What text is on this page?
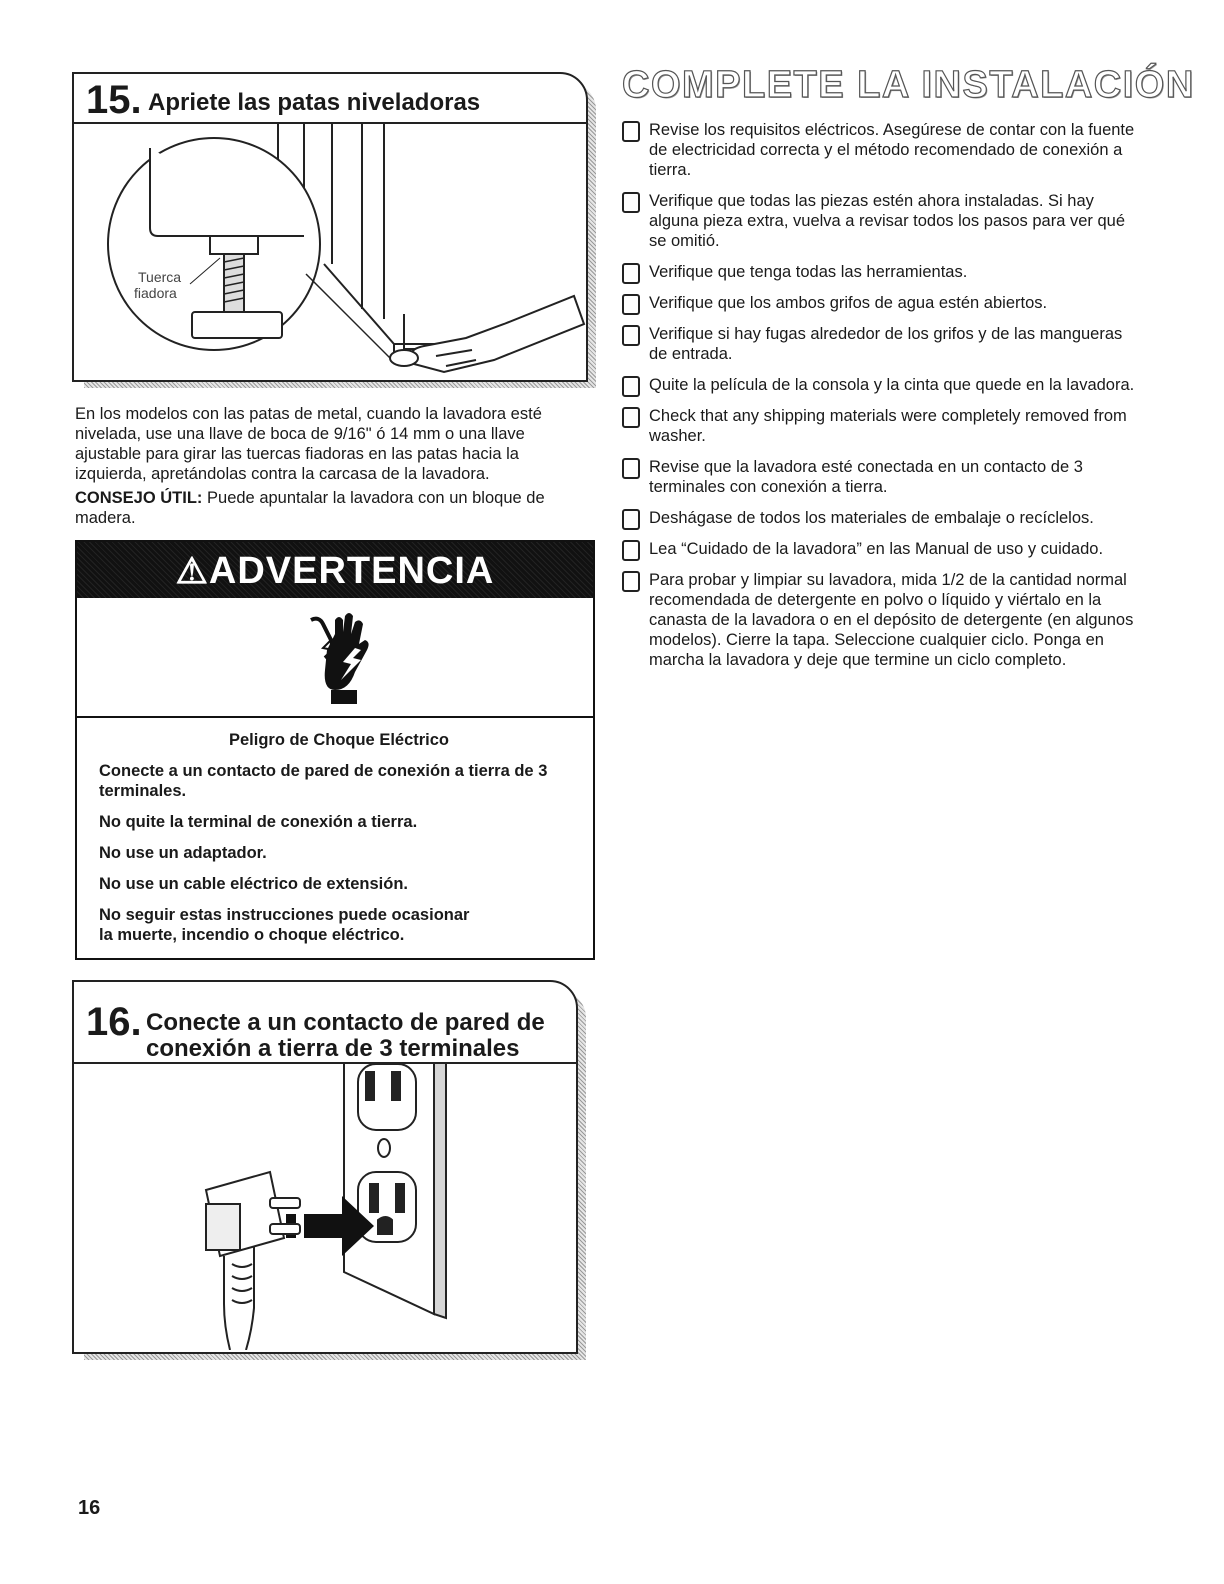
15. Apriete las patas niveladoras
Tuerca
fiadora
En los modelos con las patas de metal, cuando la lavadora esté nivelada, use una llave de boca de 9/16" ó 14 mm o una llave ajustable para girar las tuercas fiadoras en las patas hacia la izquierda, apretándolas contra la carcasa de la lavadora.
CONSEJO ÚTIL: Puede apuntalar la lavadora con un bloque de madera.
⚠ADVERTENCIA

Peligro de Choque Eléctrico

Conecte a un contacto de pared de conexión a tierra de 3 terminales.

No quite la terminal de conexión a tierra.

No use un adaptador.

No use un cable eléctrico de extensión.

No seguir estas instrucciones puede ocasionar
la muerte, incendio o choque eléctrico.

16. Conecte a un contacto de pared de
conexión a tierra de 3 terminales
COMPLETE LA INSTALACIÓN
Revise los requisitos eléctricos. Asegúrese de contar con la fuente de electricidad correcta y el método recomendado de conexión a tierra.
Verifique que todas las piezas estén ahora instaladas. Si hay alguna pieza extra, vuelva a revisar todos los pasos para ver qué se omitió.
Verifique que tenga todas las herramientas.
Verifique que los ambos grifos de agua estén abiertos.
Verifique si hay fugas alrededor de los grifos y de las mangueras de entrada.
Quite la película de la consola y la cinta que quede en la lavadora.
Check that any shipping materials were completely removed from washer.
Revise que la lavadora esté conectada en un contacto de 3 terminales con conexión a tierra.
Deshágase de todos los materiales de embalaje o recíclelos.
Lea “Cuidado de la lavadora” en las Manual de uso y cuidado.
Para probar y limpiar su lavadora, mida 1/2 de la cantidad normal recomendada de detergente en polvo o líquido y viértalo en la canasta de la lavadora o en el depósito de detergente (en algunos modelos). Cierre la tapa. Seleccione cualquier ciclo. Ponga en marcha la lavadora y deje que termine un ciclo completo.
16
